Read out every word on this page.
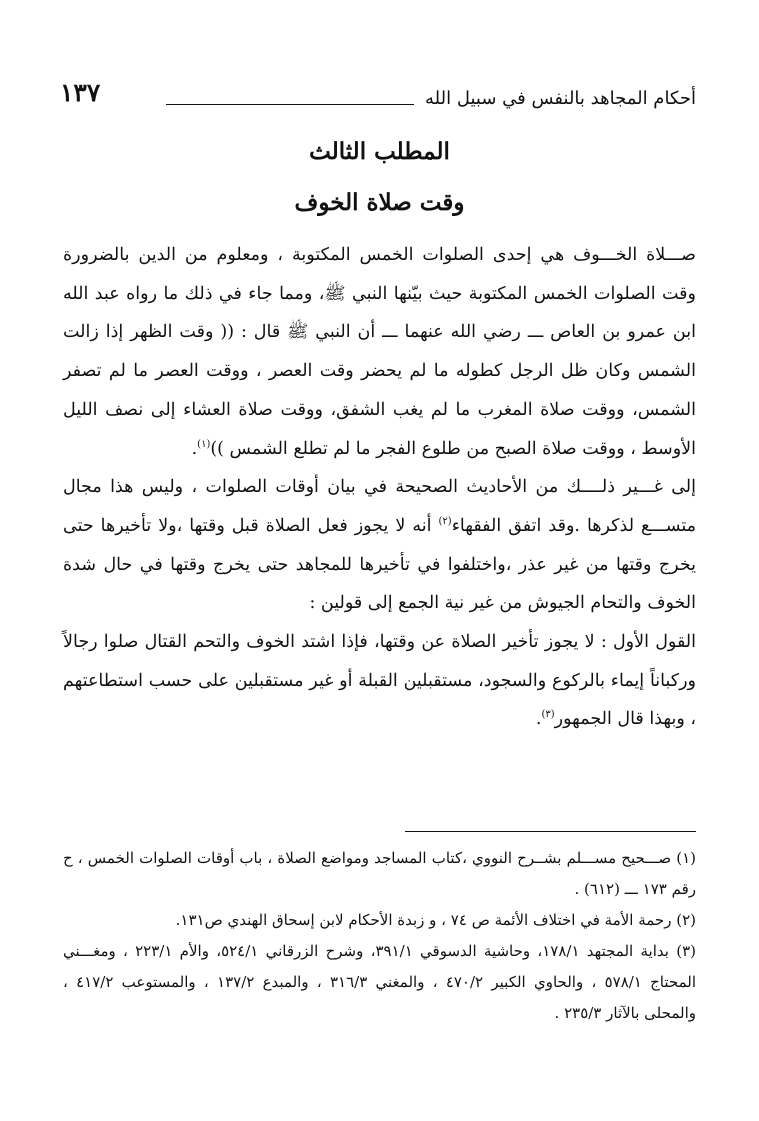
١٣٧	أحكام المجاهد بالنفس في سبيل الله
المطلب الثالث
وقت صلاة الخوف

صـــلاة الخـــوف هي إحدى الصلوات الخمس المكتوبة ، ومعلوم من الدين بالضرورة وقت الصلوات الخمس المكتوبة حيث بيّنها النبي ﷺ، ومما جاء في ذلك ما رواه عبد الله ابن عمرو بن العاص ـــ رضي الله عنهما ـــ أن النبي ﷺ قال : (( وقت الظهر إذا زالت الشمس وكان ظل الرجل كطوله ما لم يحضر وقت العصر ، ووقت العصر ما لم تصفر الشمس، ووقت صلاة المغرب ما لم يغب الشفق، ووقت صلاة العشاء إلى نصف الليل الأوسط ، ووقت صلاة الصبح من طلوع الفجر ما لم تطلع الشمس ))$^{(١)}$.

إلى غـــير ذلــــك من الأحاديث الصحيحة في بيان أوقات الصلوات ، وليس هذا مجال متســـع لذكرها .وقد اتفق الفقهاء$^{(٢)}$ أنه لا يجوز فعل الصلاة قبل وقتها ،ولا تأخيرها حتى يخرج وقتها من غير عذر ،واختلفوا في تأخيرها للمجاهد حتى يخرج وقتها في حال شدة الخوف والتحام الجيوش من غير نية الجمع إلى قولين :

القول الأول : لا يجوز تأخير الصلاة عن وقتها، فإذا اشتد الخوف والتحم القتال صلوا رجالاً وركباناً إيماء بالركوع والسجود، مستقبلين القبلة أو غير مستقبلين على حسب استطاعتهم ، وبهذا قال الجمهور$^{(٣)}$.

(١) صـــحيح مســـلم بشــرح النووي ،كتاب المساجد ومواضع الصلاة ، باب أوقات الصلوات الخمس ، ح رقم ١٧٣ ـــ (٦١٢) .

(٢) رحمة الأمة في اختلاف الأئمة ص ٧٤ ، و زبدة الأحكام لابن إسحاق الهندي ص١٣١.

(٣) بداية المجتهد ١٧٨/١، وحاشية الدسوقي ٣٩١/١، وشرح الزرقاني ٥٢٤/١، والأم ٢٢٣/١ ، ومغـــني المحتاج ٥٧٨/١ ، والحاوي الكبير ٤٧٠/٢ ، والمغني ٣١٦/٣ ، والمبدع ١٣٧/٢ ، والمستوعب ٤١٧/٢ ، والمحلى بالآثار ٢٣٥/٣ .
